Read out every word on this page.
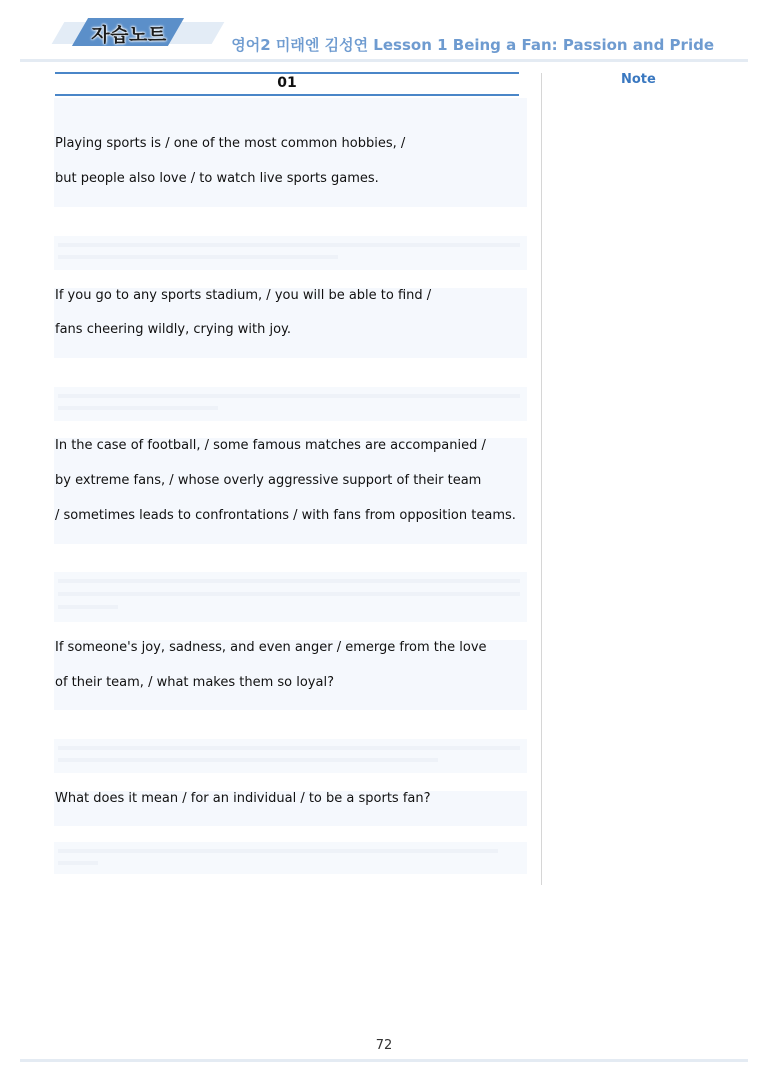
자습노트	영어2 미래엔 김성연 Lesson 1 Being a Fan: Passion and Pride
Note
01
Playing sports is / one of the most common hobbies, /
but people also love / to watch live sports games.
If you go to any sports stadium, / you will be able to find /
fans cheering wildly, crying with joy.
In the case of football, / some famous matches are accompanied /
by extreme fans, / whose overly aggressive support of their team
/ sometimes leads to confrontations / with fans from opposition teams.
If someone's joy, sadness, and even anger / emerge from the love
of their team, / what makes them so loyal?
What does it mean / for an individual / to be a sports fan?
72
